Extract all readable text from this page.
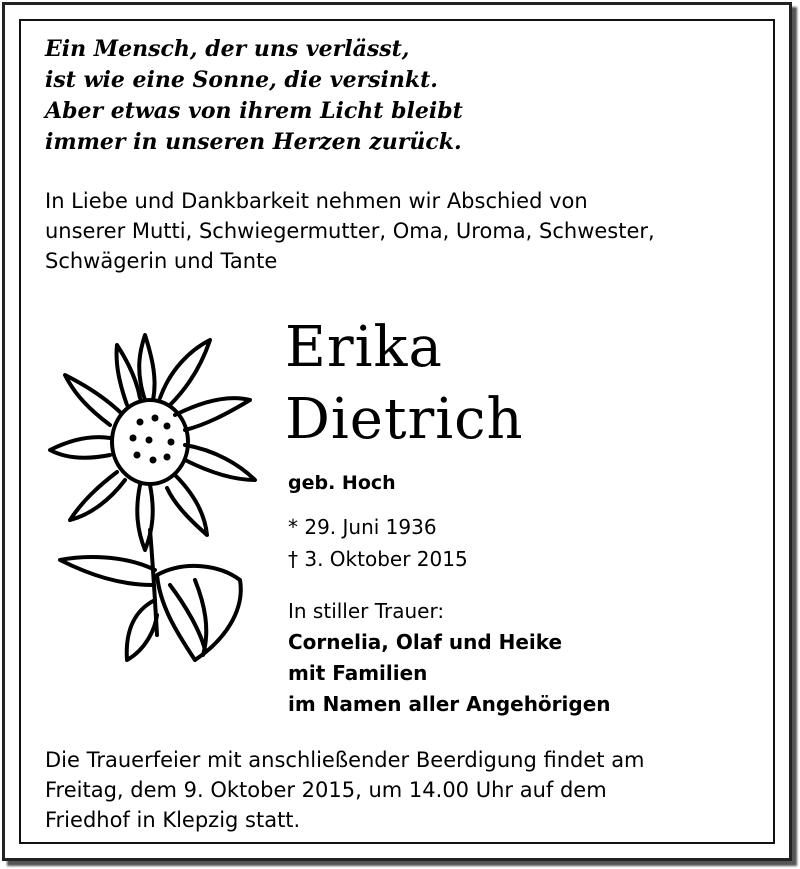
Ein Mensch, der uns verlässt,
ist wie eine Sonne, die versinkt.
Aber etwas von ihrem Licht bleibt
immer in unseren Herzen zurück.
In Liebe und Dankbarkeit nehmen wir Abschied von
unserer Mutti, Schwiegermutter, Oma, Uroma, Schwester,
Schwägerin und Tante
Erika
Dietrich
geb. Hoch
* 29. Juni 1936
† 3. Oktober 2015
In stiller Trauer:
Cornelia, Olaf und Heike
mit Familien
im Namen aller Angehörigen
Die Trauerfeier mit anschließender Beerdigung findet am
Freitag, dem 9. Oktober 2015, um 14.00 Uhr auf dem
Friedhof in Klepzig statt.
